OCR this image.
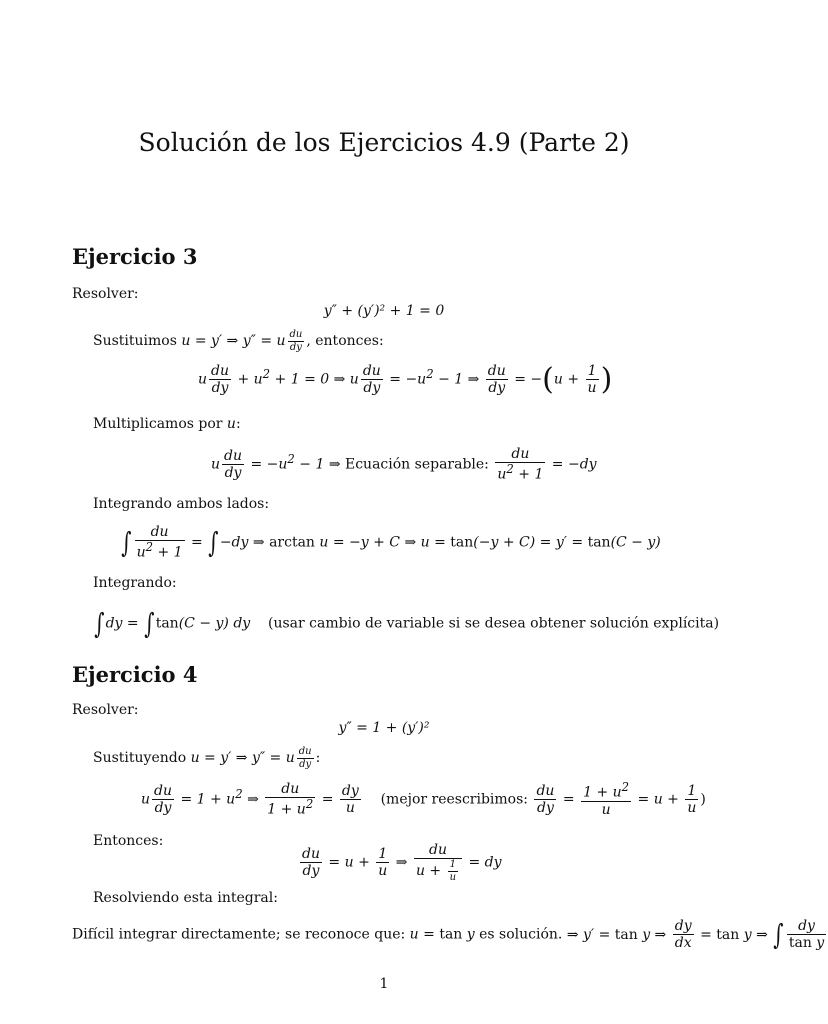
Solución de los Ejercicios 4.9 (Parte 2)
Ejercicio 3
Resolver:
y″ + (y′)² + 1 = 0
Sustituimos u = y′ ⇒ y″ = u $\frac{du}{dy}$ , entonces:
u $\frac{du}{dy} + u^2 + 1 = 0$ ⇒ u $\frac{du}{dy} = -u^2 - 1$ ⇒ $\frac{du}{dy} = -(u + \frac{1}{u}$ )
Multiplicamos por u:
u $\frac{du}{dy} = -u^2 - 1$ ⇒ Ecuación separable: $\frac{du}{u^2 + 1} = -dy$
Integrando ambos lados:
∫ $\frac{du}{u^2 + 1} = \int-dy$ ⇒ arctan u = −y + C ⇒ u = tan(−y + C) = y′ = tan(C − y)
Integrando:
∫dy = ∫tan(C − y) dy    (usar cambio de variable si se desea obtener solución explícita)
Ejercicio 4
Resolver:
y″ = 1 + (y′)²
Sustituyendo u = y′ ⇒ y″ = u $\frac{du}{dy}$ :
u $\frac{du}{dy} = 1 + u^2$ ⇒ $\frac{du}{1 + u^2} = \frac{dy}{u}$ (mejor reescribimos: $\frac{du}{dy} = \frac{1 + u^2}{u} = u + \frac{1}{u}$ )
Entonces:
$\frac{du}{dy} = u + \frac{1}{u}$ ⇒ $\frac{du}{u + \frac{1}{u}}$ = dy
Resolviendo esta integral:
Difícil integrar directamente; se reconoce que: u = tan y es solución. ⇒ y′ = tan y ⇒ $\frac{dy}{dx} = \tan y$ ⇒ ∫ $\frac{dy}{\text{tan y}}$
1
